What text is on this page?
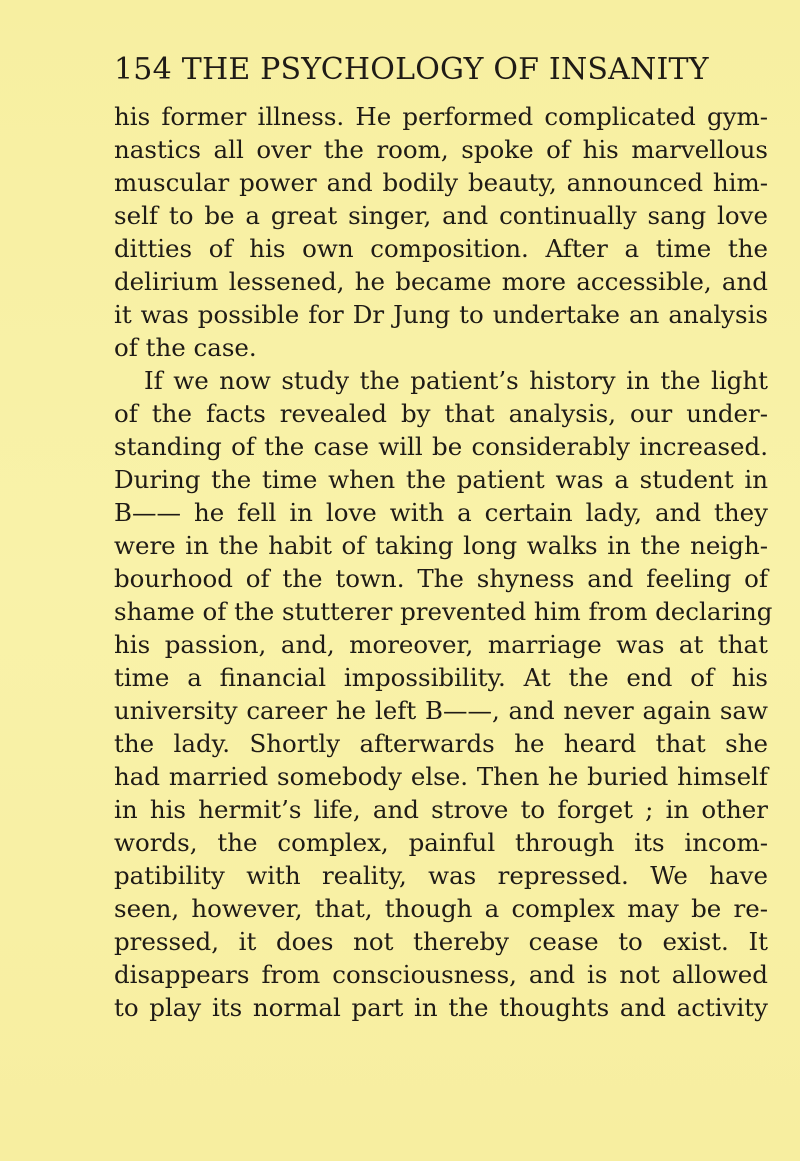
154 THE PSYCHOLOGY OF INSANITY
his former illness. He performed complicated gym-
nastics all over the room, spoke of his marvellous
muscular power and bodily beauty, announced him-
self to be a great singer, and continually sang love
ditties of his own composition. After a time the
delirium lessened, he became more accessible, and
it was possible for Dr Jung to undertake an analysis
of the case.
If we now study the patient’s history in the light
of the facts revealed by that analysis, our under-
standing of the case will be considerably increased.
During the time when the patient was a student in
B—— he fell in love with a certain lady, and they
were in the habit of taking long walks in the neigh-
bourhood of the town. The shyness and feeling of
shame of the stutterer prevented him from declaring
his passion, and, moreover, marriage was at that
time a financial impossibility. At the end of his
university career he left B——, and never again saw
the lady. Shortly afterwards he heard that she
had married somebody else. Then he buried himself
in his hermit’s life, and strove to forget ; in other
words, the complex, painful through its incom-
patibility with reality, was repressed. We have
seen, however, that, though a complex may be re-
pressed, it does not thereby cease to exist. It
disappears from consciousness, and is not allowed
to play its normal part in the thoughts and activity
